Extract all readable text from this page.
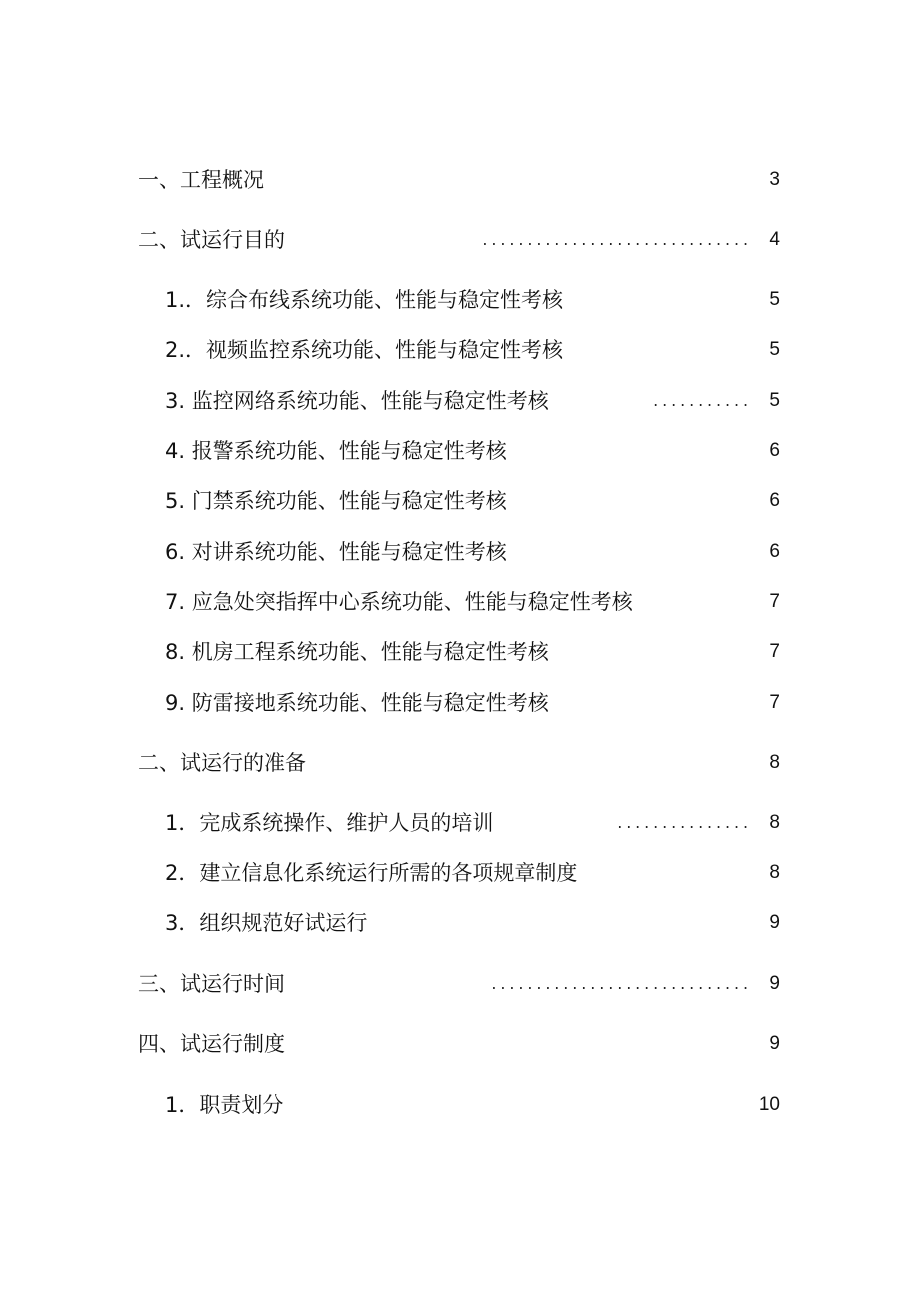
一、工程概况	3
二、试运行目的	.............................. 4
1.．综合布线系统功能、性能与稳定性考核	5
2.．视频监控系统功能、性能与稳定性考核	5
3. 监控网络系统功能、性能与稳定性考核	........... 5
4. 报警系统功能、性能与稳定性考核	6
5. 门禁系统功能、性能与稳定性考核	6
6. 对讲系统功能、性能与稳定性考核	6
7. 应急处突指挥中心系统功能、性能与稳定性考核	7
8. 机房工程系统功能、性能与稳定性考核	7
9. 防雷接地系统功能、性能与稳定性考核	7
二、试运行的准备	8
1．完成系统操作、维护人员的培训	............... 8
2．建立信息化系统运行所需的各项规章制度	8
3．组织规范好试运行	9
三、试运行时间	............................. 9
四、试运行制度	9
1．职责划分	10
